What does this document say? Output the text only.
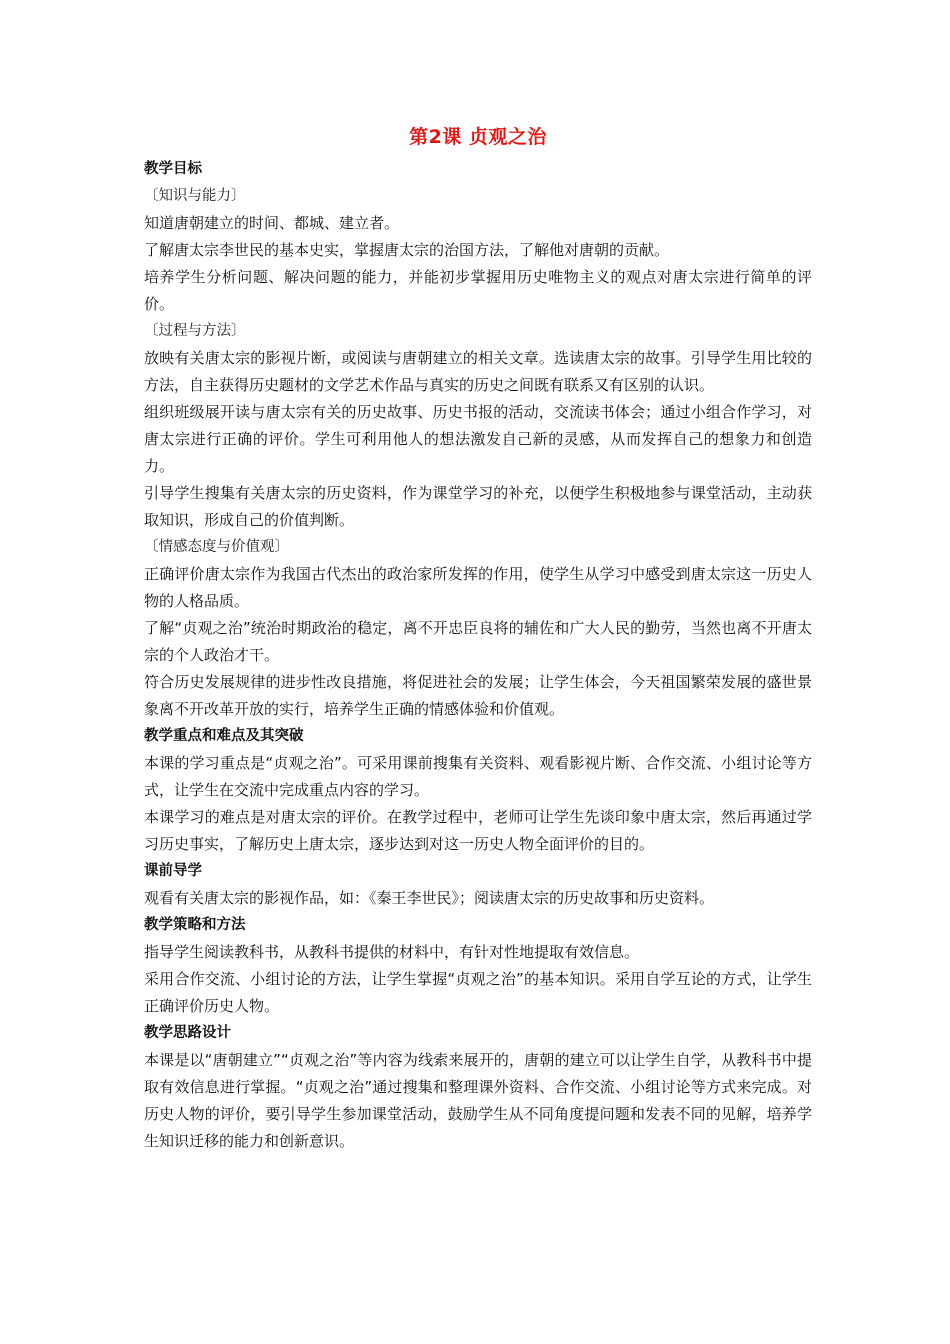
第2课 贞观之治
教学目标
〔知识与能力〕
知道唐朝建立的时间、都城、建立者。
了解唐太宗李世民的基本史实，掌握唐太宗的治国方法，了解他对唐朝的贡献。
培养学生分析问题、解决问题的能力，并能初步掌握用历史唯物主义的观点对唐太宗进行简单的评价。
〔过程与方法〕
放映有关唐太宗的影视片断，或阅读与唐朝建立的相关文章。选读唐太宗的故事。引导学生用比较的方法，自主获得历史题材的文学艺术作品与真实的历史之间既有联系又有区别的认识。
组织班级展开读与唐太宗有关的历史故事、历史书报的活动，交流读书体会；通过小组合作学习，对唐太宗进行正确的评价。学生可利用他人的想法激发自己新的灵感，从而发挥自己的想象力和创造力。
引导学生搜集有关唐太宗的历史资料，作为课堂学习的补充，以便学生积极地参与课堂活动，主动获取知识，形成自己的价值判断。
〔情感态度与价值观〕
正确评价唐太宗作为我国古代杰出的政治家所发挥的作用，使学生从学习中感受到唐太宗这一历史人物的人格品质。
了解“贞观之治”统治时期政治的稳定，离不开忠臣良将的辅佐和广大人民的勤劳，当然也离不开唐太宗的个人政治才干。
符合历史发展规律的进步性改良措施，将促进社会的发展；让学生体会，今天祖国繁荣发展的盛世景象离不开改革开放的实行，培养学生正确的情感体验和价值观。
教学重点和难点及其突破
本课的学习重点是“贞观之治”。可采用课前搜集有关资料、观看影视片断、合作交流、小组讨论等方式，让学生在交流中完成重点内容的学习。
本课学习的难点是对唐太宗的评价。在教学过程中，老师可让学生先谈印象中唐太宗，然后再通过学习历史事实，了解历史上唐太宗，逐步达到对这一历史人物全面评价的目的。
课前导学
观看有关唐太宗的影视作品，如：《秦王李世民》；阅读唐太宗的历史故事和历史资料。
教学策略和方法
指导学生阅读教科书，从教科书提供的材料中，有针对性地提取有效信息。
采用合作交流、小组讨论的方法，让学生掌握“贞观之治”的基本知识。采用自学互论的方式，让学生正确评价历史人物。
教学思路设计
本课是以“唐朝建立”“贞观之治”等内容为线索来展开的，唐朝的建立可以让学生自学，从教科书中提取有效信息进行掌握。“贞观之治”通过搜集和整理课外资料、合作交流、小组讨论等方式来完成。对历史人物的评价，要引导学生参加课堂活动，鼓励学生从不同角度提问题和发表不同的见解，培养学生知识迁移的能力和创新意识。
